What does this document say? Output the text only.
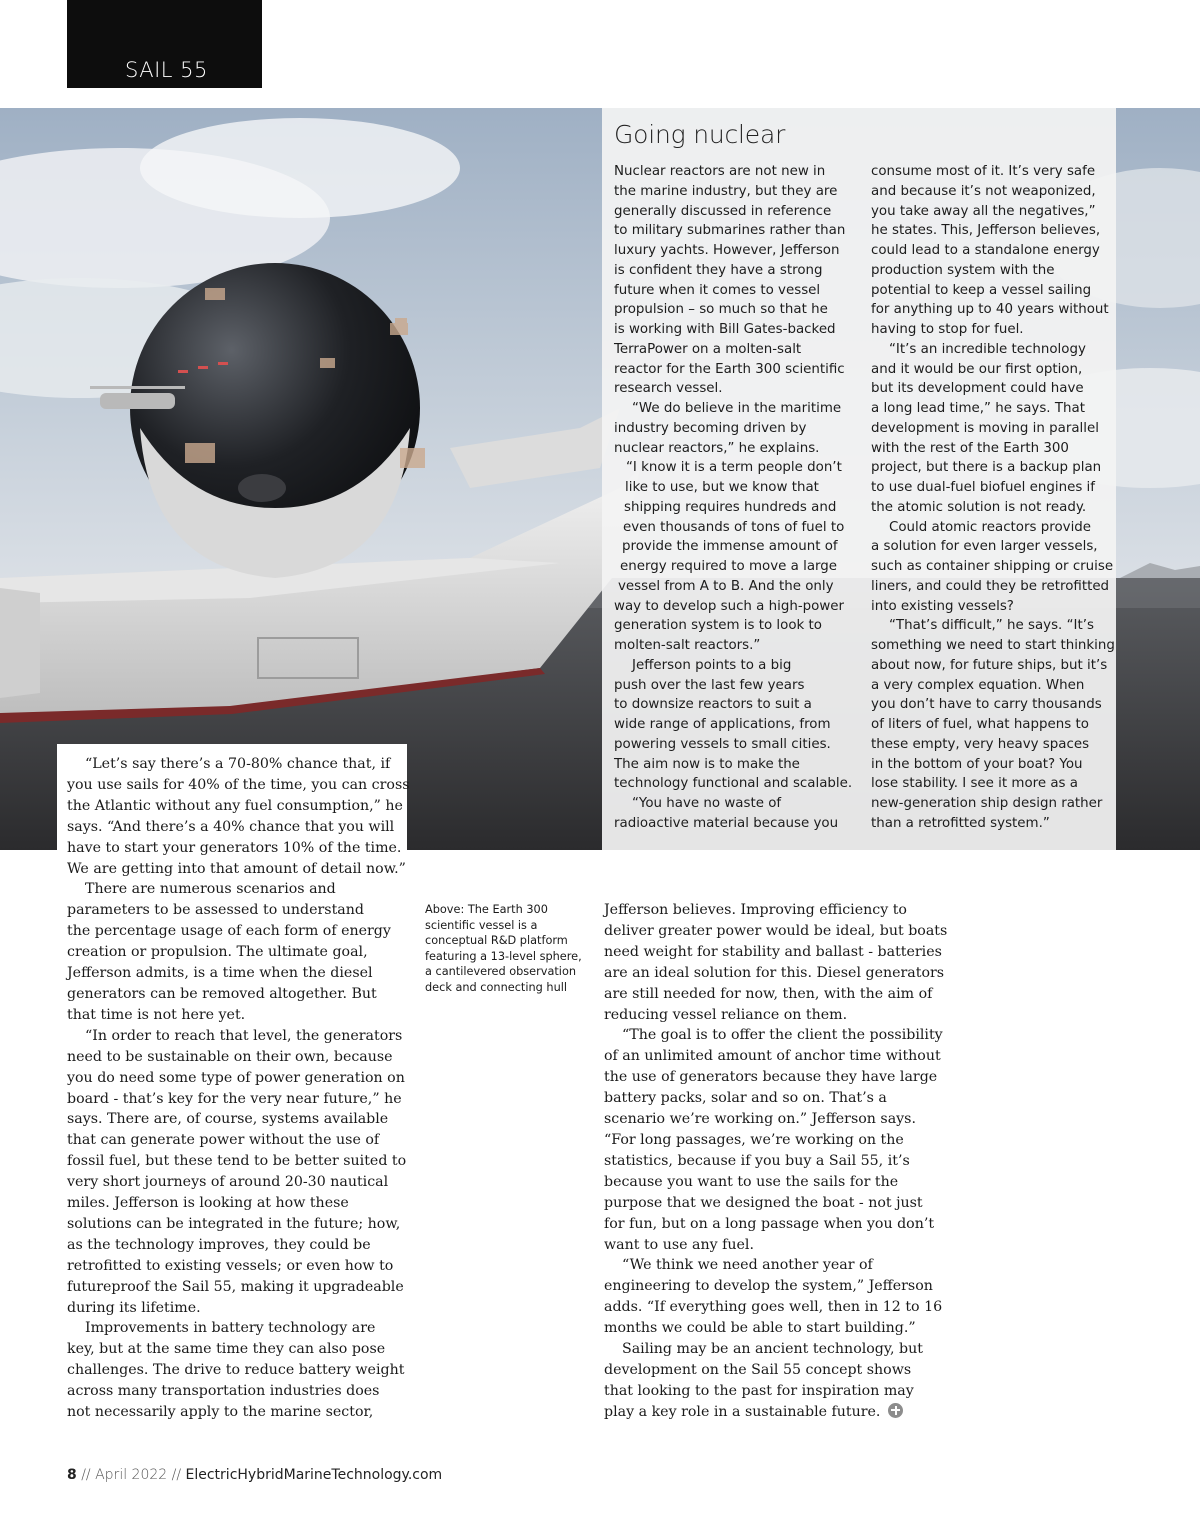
SAIL 55
Going nuclear
Nuclear reactors are not new in
the marine industry, but they are
generally discussed in reference
to military submarines rather than
luxury yachts. However, Jefferson
is confident they have a strong
future when it comes to vessel
propulsion – so much so that he
is working with Bill Gates-backed
TerraPower on a molten-salt
reactor for the Earth 300 scientific
research vessel.
“We do believe in the maritime
industry becoming driven by
nuclear reactors,” he explains.
“I know it is a term people don’t
like to use, but we know that
shipping requires hundreds and
even thousands of tons of fuel to
provide the immense amount of
energy required to move a large
vessel from A to B. And the only
way to develop such a high-power
generation system is to look to
molten-salt reactors.”
Jefferson points to a big
push over the last few years
to downsize reactors to suit a
wide range of applications, from
powering vessels to small cities.
The aim now is to make the
technology functional and scalable.
“You have no waste of
radioactive material because you
consume most of it. It’s very safe
and because it’s not weaponized,
you take away all the negatives,”
he states. This, Jefferson believes,
could lead to a standalone energy
production system with the
potential to keep a vessel sailing
for anything up to 40 years without
having to stop for fuel.
“It’s an incredible technology
and it would be our first option,
but its development could have
a long lead time,” he says. That
development is moving in parallel
with the rest of the Earth 300
project, but there is a backup plan
to use dual-fuel biofuel engines if
the atomic solution is not ready.
Could atomic reactors provide
a solution for even larger vessels,
such as container shipping or cruise
liners, and could they be retrofitted
into existing vessels?
“That’s difficult,” he says. “It’s
something we need to start thinking
about now, for future ships, but it’s
a very complex equation. When
you don’t have to carry thousands
of liters of fuel, what happens to
these empty, very heavy spaces
in the bottom of your boat? You
lose stability. I see it more as a
new-generation ship design rather
than a retrofitted system.”
“Let’s say there’s a 70-80% chance that, if
you use sails for 40% of the time, you can cross
the Atlantic without any fuel consumption,” he
says. “And there’s a 40% chance that you will
have to start your generators 10% of the time.
We are getting into that amount of detail now.”
There are numerous scenarios and
parameters to be assessed to understand
the percentage usage of each form of energy
creation or propulsion. The ultimate goal,
Jefferson admits, is a time when the diesel
generators can be removed altogether. But
that time is not here yet.
“In order to reach that level, the generators
need to be sustainable on their own, because
you do need some type of power generation on
board - that’s key for the very near future,” he
says. There are, of course, systems available
that can generate power without the use of
fossil fuel, but these tend to be better suited to
very short journeys of around 20-30 nautical
miles. Jefferson is looking at how these
solutions can be integrated in the future; how,
as the technology improves, they could be
retrofitted to existing vessels; or even how to
futureproof the Sail 55, making it upgradeable
during its lifetime.
Improvements in battery technology are
key, but at the same time they can also pose
challenges. The drive to reduce battery weight
across many transportation industries does
not necessarily apply to the marine sector,
Above: The Earth 300
scientific vessel is a
conceptual R&D platform
featuring a 13-level sphere,
a cantilevered observation
deck and connecting hull
Jefferson believes. Improving efficiency to
deliver greater power would be ideal, but boats
need weight for stability and ballast - batteries
are an ideal solution for this. Diesel generators
are still needed for now, then, with the aim of
reducing vessel reliance on them.
“The goal is to offer the client the possibility
of an unlimited amount of anchor time without
the use of generators because they have large
battery packs, solar and so on. That’s a
scenario we’re working on.” Jefferson says.
“For long passages, we’re working on the
statistics, because if you buy a Sail 55, it’s
because you want to use the sails for the
purpose that we designed the boat - not just
for fun, but on a long passage when you don’t
want to use any fuel.
“We think we need another year of
engineering to develop the system,” Jefferson
adds. “If everything goes well, then in 12 to 16
months we could be able to start building.”
Sailing may be an ancient technology, but
development on the Sail 55 concept shows
that looking to the past for inspiration may
play a key role in a sustainable future.
8 // April 2022 // ElectricHybridMarineTechnology.com
